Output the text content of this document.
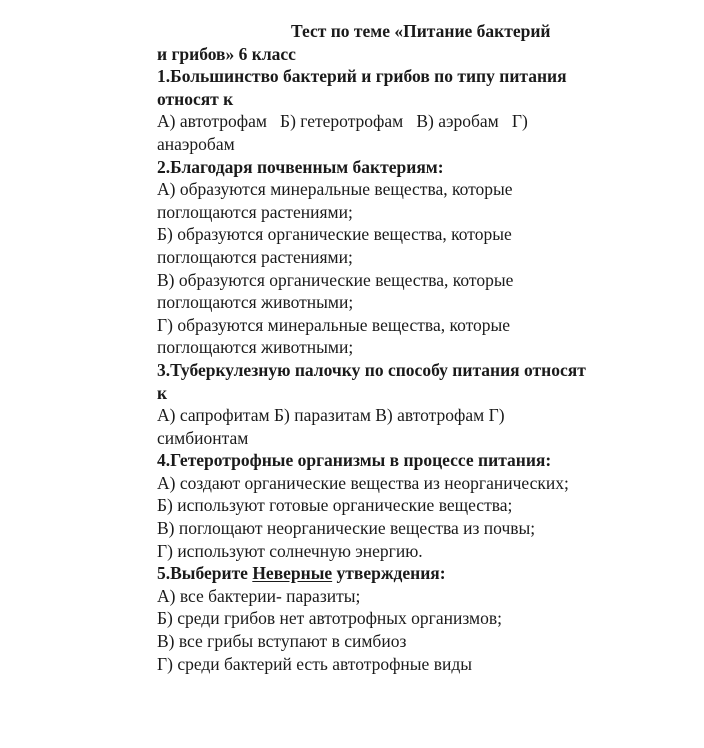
Тест по теме «Питание бактерий
и грибов» 6 класс
1.Большинство бактерий и грибов по типу питания относят к
А) автотрофам   Б) гетеротрофам   В) аэробам   Г) анаэробам
2.Благодаря почвенным бактериям:
А) образуются минеральные вещества, которые поглощаются растениями;
Б) образуются органические вещества, которые поглощаются растениями;
В) образуются органические вещества, которые поглощаются животными;
Г) образуются минеральные вещества, которые поглощаются животными;
3.Туберкулезную палочку по способу питания относят к
А) сапрофитам Б) паразитам В) автотрофам Г) симбионтам
4.Гетеротрофные организмы в процессе питания:
А) создают органические вещества из неорганических;
Б) используют готовые органические вещества;
В) поглощают неорганические вещества из почвы;
Г) используют солнечную энергию.
5.Выберите Неверные утверждения:
А) все бактерии- паразиты;
Б) среди грибов нет автотрофных организмов;
В) все грибы вступают в симбиоз
Г) среди бактерий есть автотрофные виды
